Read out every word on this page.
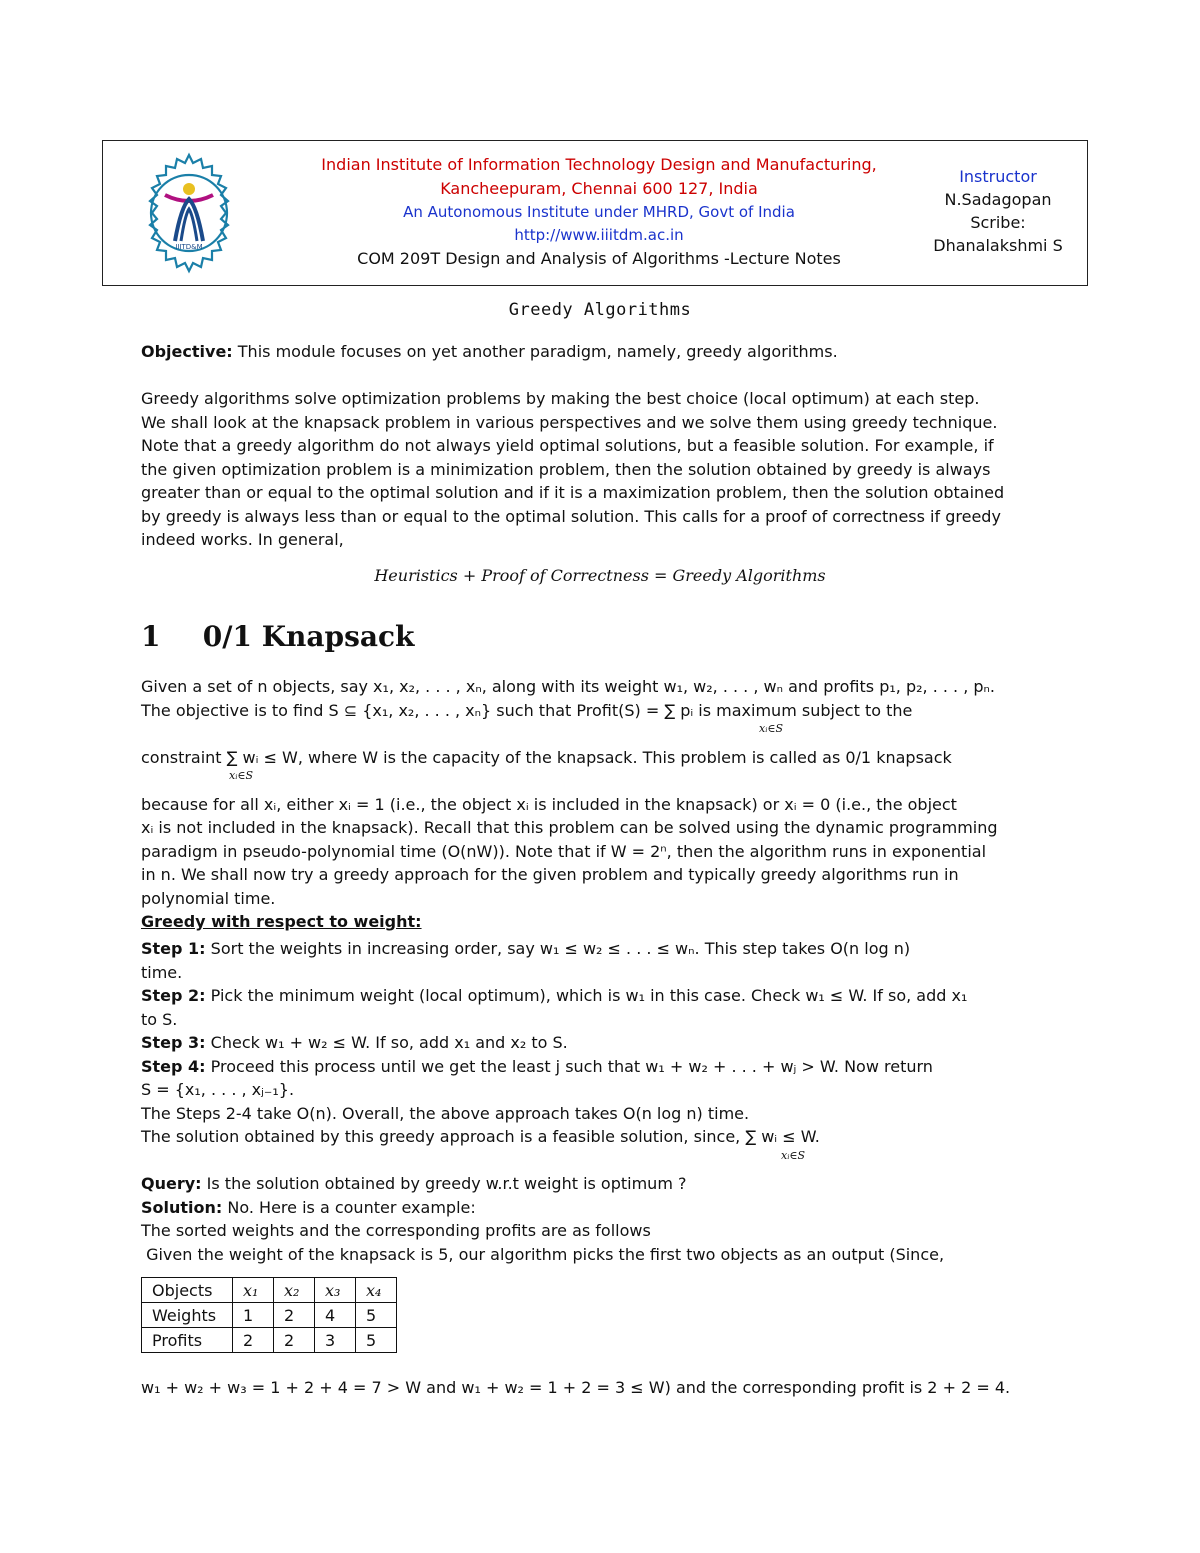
IIITD&M
Indian Institute of Information Technology Design and Manufacturing,
Kancheepuram, Chennai 600 127, India
An Autonomous Institute under MHRD, Govt of India
http://www.iiitdm.ac.in
COM 209T Design and Analysis of Algorithms -Lecture Notes
Instructor
N.Sadagopan
Scribe:
Dhanalakshmi S
Greedy Algorithms
Objective: This module focuses on yet another paradigm, namely, greedy algorithms.
Greedy algorithms solve optimization problems by making the best choice (local optimum) at each step.
We shall look at the knapsack problem in various perspectives and we solve them using greedy technique.
Note that a greedy algorithm do not always yield optimal solutions, but a feasible solution. For example, if
the given optimization problem is a minimization problem, then the solution obtained by greedy is always
greater than or equal to the optimal solution and if it is a maximization problem, then the solution obtained
by greedy is always less than or equal to the optimal solution. This calls for a proof of correctness if greedy
indeed works. In general,
Heuristics + Proof of Correctness = Greedy Algorithms
1 0/1 Knapsack
Given a set of n objects, say x₁, x₂, . . . , xₙ, along with its weight w₁, w₂, . . . , wₙ and profits p₁, p₂, . . . , pₙ.
The objective is to find S ⊆ {x₁, x₂, . . . , xₙ} such that Profit(S) = ∑ pᵢ is maximum subject to the
xᵢ∈S
constraint ∑ wᵢ ≤ W, where W is the capacity of the knapsack. This problem is called as 0/1 knapsack
xᵢ∈S
because for all xᵢ, either xᵢ = 1 (i.e., the object xᵢ is included in the knapsack) or xᵢ = 0 (i.e., the object
xᵢ is not included in the knapsack). Recall that this problem can be solved using the dynamic programming
paradigm in pseudo-polynomial time (O(nW)). Note that if W = 2ⁿ, then the algorithm runs in exponential
in n. We shall now try a greedy approach for the given problem and typically greedy algorithms run in
polynomial time.
Greedy with respect to weight:
Step 1: Sort the weights in increasing order, say w₁ ≤ w₂ ≤ . . . ≤ wₙ. This step takes O(n log n)
time.
Step 2: Pick the minimum weight (local optimum), which is w₁ in this case. Check w₁ ≤ W. If so, add x₁
to S.
Step 3: Check w₁ + w₂ ≤ W. If so, add x₁ and x₂ to S.
Step 4: Proceed this process until we get the least j such that w₁ + w₂ + . . . + wⱼ > W. Now return
S = {x₁, . . . , xⱼ₋₁}.
The Steps 2-4 take O(n). Overall, the above approach takes O(n log n) time.
The solution obtained by this greedy approach is a feasible solution, since, ∑ wᵢ ≤ W.
xᵢ∈S
Query: Is the solution obtained by greedy w.r.t weight is optimum ?
Solution: No. Here is a counter example:
The sorted weights and the corresponding profits are as follows
Given the weight of the knapsack is 5, our algorithm picks the first two objects as an output (Since,
Objects	x₁	x₂	x₃	x₄
Weights	1	2	4	5
Profits	2	2	3	5
w₁ + w₂ + w₃ = 1 + 2 + 4 = 7 > W and w₁ + w₂ = 1 + 2 = 3 ≤ W) and the corresponding profit is 2 + 2 = 4.
